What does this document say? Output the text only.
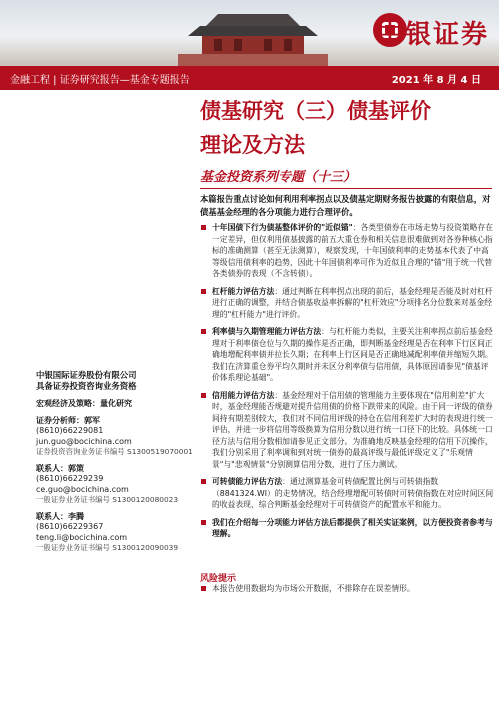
中银证券
金融工程 | 证券研究报告—基金专题报告	2021 年 8 月 4 日
债基研究（三）债基评价
理论及方法
基金投资系列专题（十三）
本篇报告重点讨论如何利用利率拐点以及债基定期财务报告披露的有限信息，对债基基金经理的各分项能力进行合理评价。
十年国债下行为债基整体评价的"近似锚"：各类型债券在市场走势与投资策略存在一定差异，但仅利用债基披露的前五大重仓券和相关信息很难做到对各券种核心指标的准确测算（甚至无法测算），观察发现，十年国债利率的走势基本代表了中高等级信用债利率的趋势，因此十年国债利率可作为近似且合理的"锚"用于统一代替各类债券的表现（不含转债）。
杠杆能力评估方法：通过判断在利率拐点出现的前后，基金经理是否能及时对杠杆进行正确的调整，并结合债基收益率拆解的"杠杆效应"分项排名分位数来对基金经理的"杠杆能力"进行评价。
利率债与久期管理能力评估方法：与杠杆能力类似，主要关注利率拐点前后基金经理对于利率债仓位与久期的操作是否正确，即判断基金经理是否在利率下行区间正确地增配利率债并拉长久期；在利率上行区间是否正确地减配利率债并缩短久期。我们在济算重仓券平均久期时并未区分利率债与信用债，具体原因请参见"债基评价体系理论基础"。
信用能力评估方法：基金经理对于信用债的管理能力主要体现在"信用利差"扩大时，基金经理能否规避对提升信用债的价格下跌带来的风险。由于同一评级的债券间持有期差别较大，我们对不同信用评级的持仓在信用利差扩大时的表现进行统一评估，并进一步将信用等级换算为信用分数以进行统一口径下的比较。具体统一口径方法与信用分数相加请参见正文部分。为准确地反映基金经理的信用下沉操作，我们分别采用了利率调和到对统一债券的最高评级与最低评级定义了"乐观情景"与"悲观情景"分别测算信用分数，进行了压力测试。
可转债能力评估方法：通过测算基金可转债配置比例与可转债指数（8841324.WI）的走势情况，结合经理增配可转债时可转债指数在对应时间区间的收益表现，综合判断基金经理对于可转债资产的配置水平和能力。
我们在介绍每一分项能力评估方法后都提供了相关实证案例，以方便投资者参考与理解。
风险提示
本报告使用数据均为市场公开数据，不排除存在误差情形。
中银国际证券股份有限公司
具备证券投资咨询业务资格
宏观经济及策略：量化研究
证券分析师：郭军
(8610)66229081
jun.guo@bocichina.com
证券投资咨询业务证书编号 S1300519070001
联系人：郭策
(8610)66229239
ce.guo@bocichina.com
一般证券业务证书编号 S1300120080023
联系人：李腾
(8610)66229367
teng.li@bocichina.com
一般证券业务证书编号 S1300120090039
